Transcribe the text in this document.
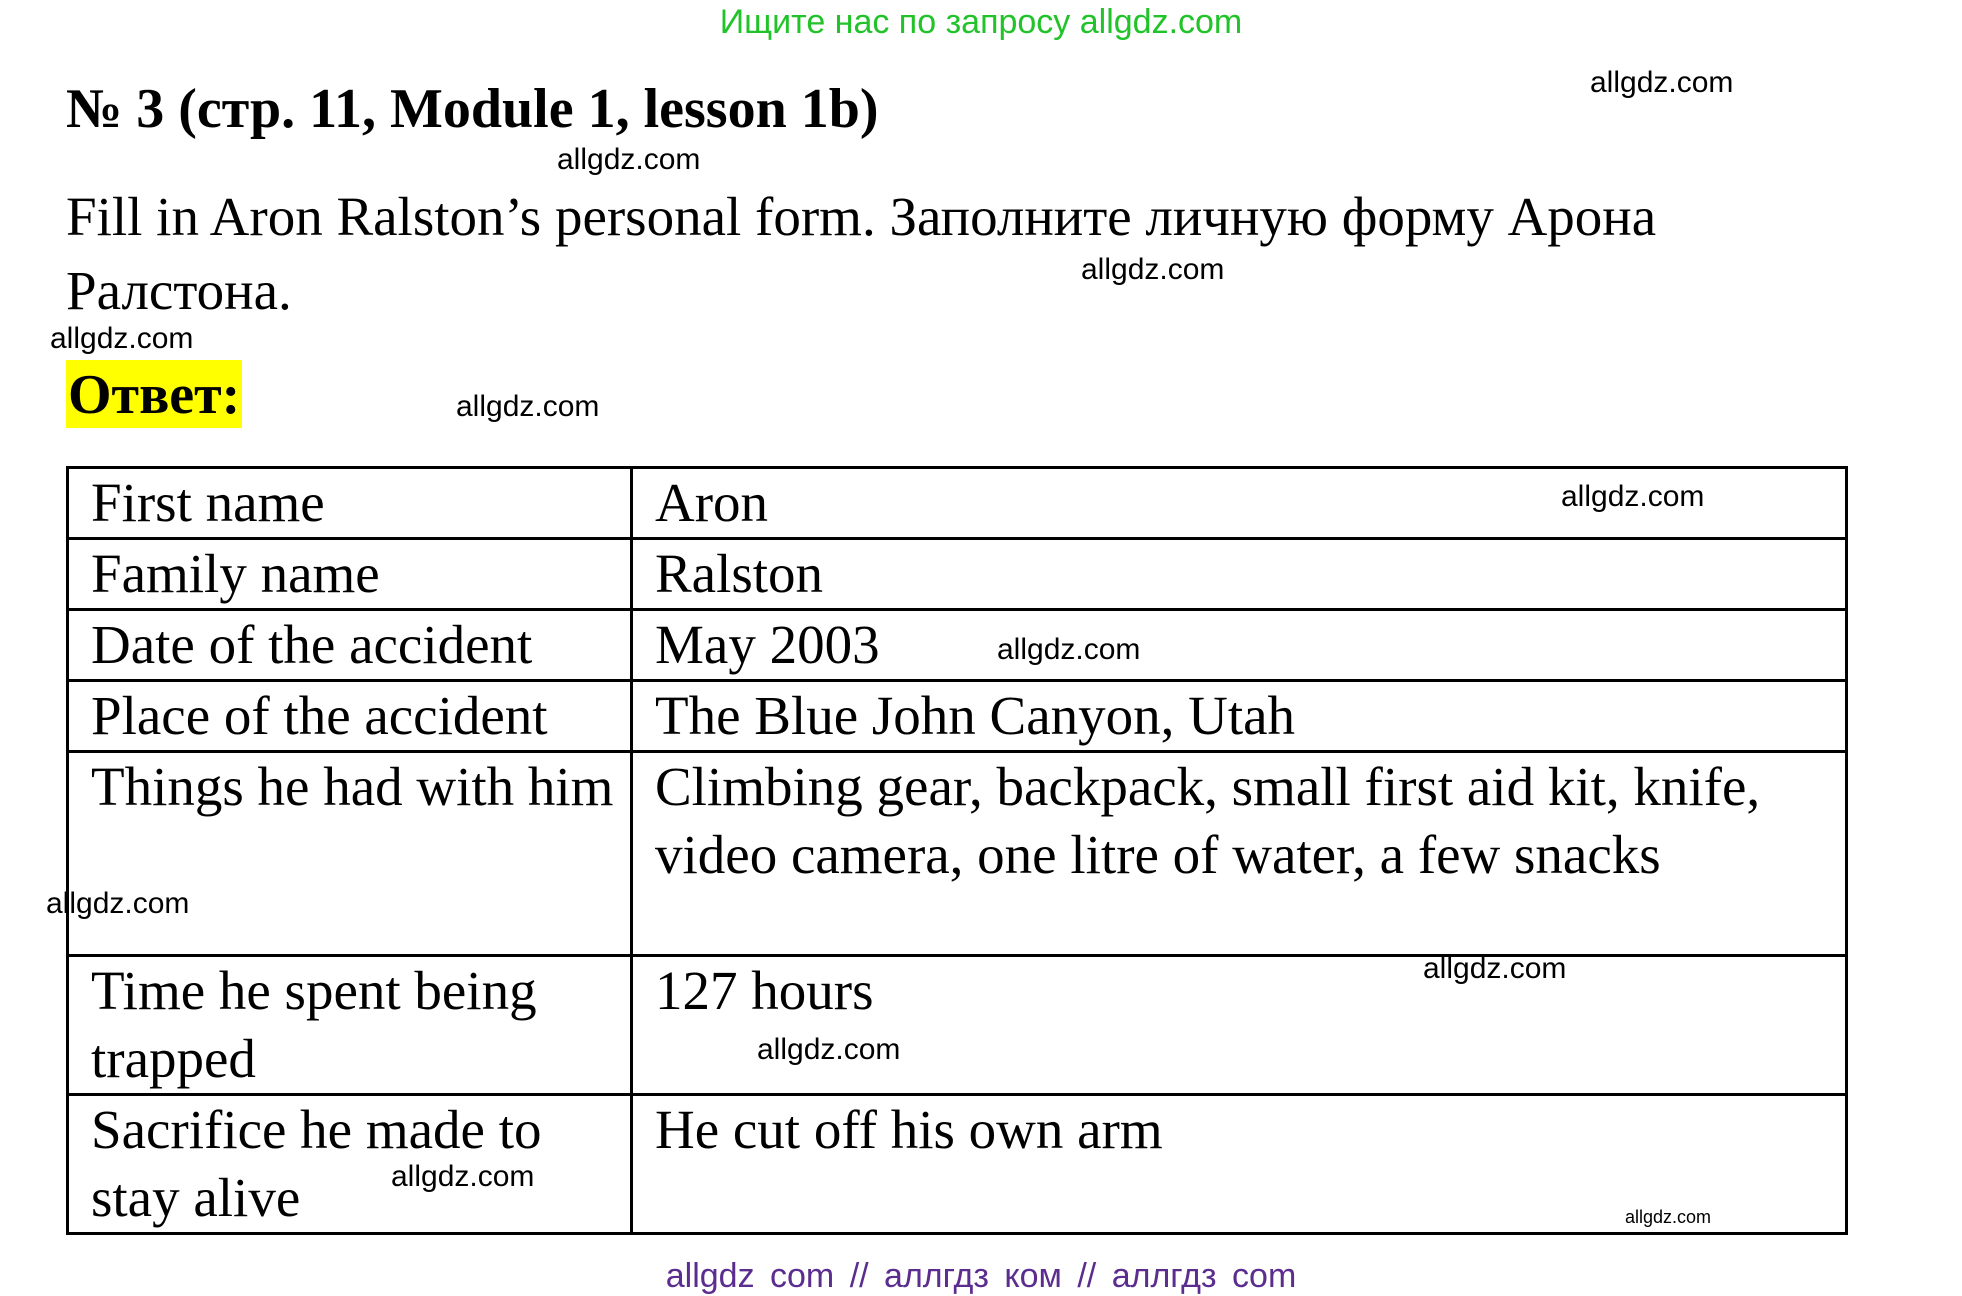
Ищите нас по запросу allgdz.com
№ 3 (стр. 11, Module 1, lesson 1b)
Fill in Aron Ralston’s personal form. Заполните личную форму Арона Ралстона.
Ответ:
First name	Aron
Family name	Ralston
Date of the accident	May 2003
Place of the accident	The Blue John Canyon, Utah
Things he had with him	Climbing gear, backpack, small first aid kit, knife, video camera, one litre of water, a few snacks
Time he spent being trapped	127 hours
Sacrifice he made to stay alive	He cut off his own arm
allgdz.com
allgdz.com
allgdz.com
allgdz.com
allgdz.com
allgdz.com
allgdz.com
allgdz.com
allgdz.com
allgdz.com
allgdz.com
allgdz.com
allgdz com // аллгдз ком // аллгдз com
